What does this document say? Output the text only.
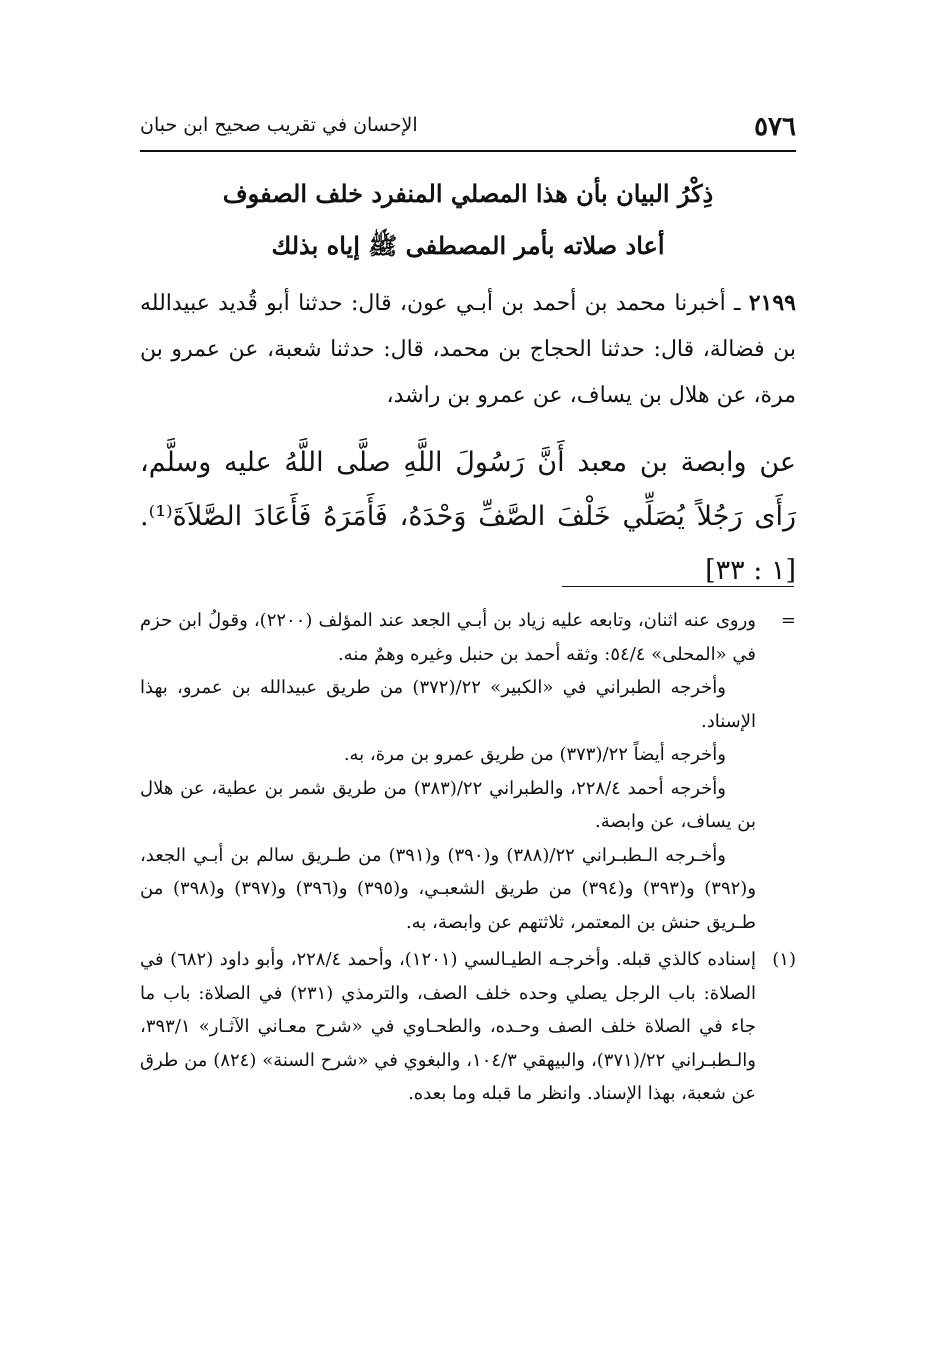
٥٧٦
الإحسان في تقريب صحيح ابن حبان
ذِكْرُ البيان بأن هذا المصلي المنفرد خلف الصفوف
أعاد صلاته بأمر المصطفى ﷺ إياه بذلك
٢١٩٩ ـ أخبرنا محمد بن أحمد بن أبـي عون، قال: حدثنا أبو قُديد عبيدالله بن فضالة، قال: حدثنا الحجاج بن محمد، قال: حدثنا شعبة، عن عمرو بن مرة، عن هلال بن يساف، عن عمرو بن راشد،
عن وابصة بن معبد أَنَّ رَسُولَ اللَّهِ صلَّى اللَّهُ عليه وسلَّم، رَأَى رَجُلاً يُصَلِّي خَلْفَ الصَّفِّ وَحْدَهُ، فَأَمَرَهُ فَأَعَادَ الصَّلاَةَ⁽¹⁾. [١ : ٣٣]
=

وروى عنه اثنان، وتابعه عليه زياد بن أبـي الجعد عند المؤلف (٢٢٠٠)، وقولُ ابن حزم في «المحلى» ٥٤/٤: وثقه أحمد بن حنبل وغيره وهمٌ منه.

وأخرجه الطبراني في «الكبير» ٢٢/(٣٧٢) من طريق عبيدالله بن عمرو، بهذا الإسناد.

وأخرجه أيضاً ٢٢/(٣٧٣) من طريق عمرو بن مرة، به.

وأخرجه أحمد ٢٢٨/٤، والطبراني ٢٢/(٣٨٣) من طريق شمر بن عطية، عن هلال بن يساف، عن وابصة.

وأخـرجه الـطبـراني ٢٢/(٣٨٨) و(٣٩٠) و(٣٩١) من طـريق سالم بن أبـي الجعد، و(٣٩٢) و(٣٩٣) و(٣٩٤) من طريق الشعبـي، و(٣٩٥) و(٣٩٦) و(٣٩٧) و(٣٩٨) من طـريق حنش بن المعتمر، ثلاثتهم عن وابصة، به.

(١)

إسناده كالذي قبله. وأخرجـه الطيـالسي (١٢٠١)، وأحمد ٢٢٨/٤، وأبو داود (٦٨٢) في الصلاة: باب الرجل يصلي وحده خلف الصف، والترمذي (٢٣١) في الصلاة: باب ما جاء في الصلاة خلف الصف وحـده، والطحـاوي في «شرح معـاني الآثـار» ٣٩٣/١، والـطبـراني ٢٢/(٣٧١)، والبيهقي ١٠٤/٣، والبغوي في «شرح السنة» (٨٢٤) من طرق عن شعبة، بهذا الإسناد. وانظر ما قبله وما بعده.
